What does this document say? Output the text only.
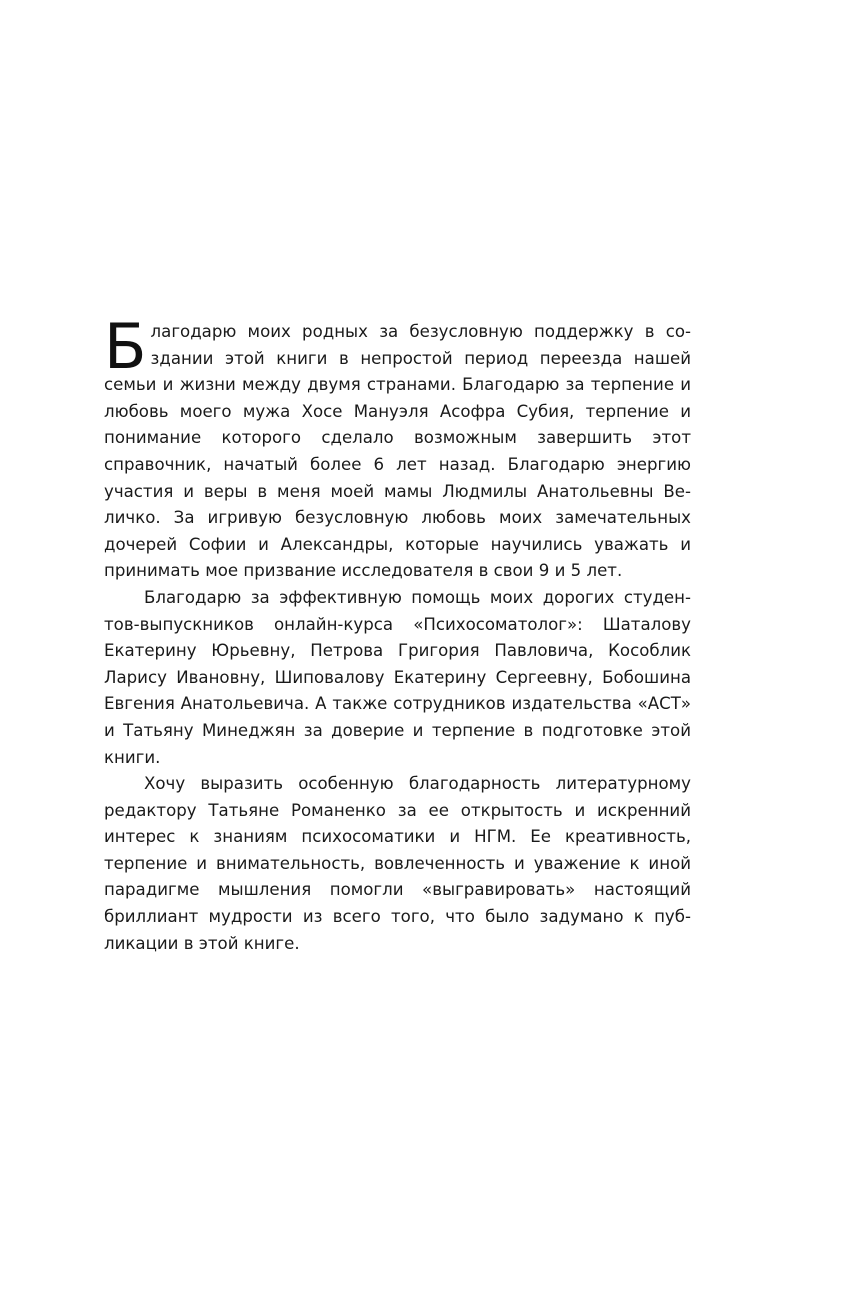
Благодарю моих родных за безусловную поддержку в создании этой книги в непростой период переезда нашей семьи и жизни между двумя странами. Благодарю за терпение и любовь моего мужа Хосе Мануэля Асофра Субия, терпение и понимание которого сделало возможным завершить этот справочник, начатый более 6 лет назад. Благодарю энергию участия и веры в меня моей мамы Людмилы Анатольевны Величко. За игривую безусловную любовь моих замечательных дочерей Софии и Александры, которые научились уважать и принимать мое призвание исследователя в свои 9 и 5 лет.

Благодарю за эффективную помощь моих дорогих студентов-выпускников онлайн-курса «Психосоматолог»: Шаталову Екатерину Юрьевну, Петрова Григория Павловича, Кособлик Ларису Ивановну, Шиповалову Екатерину Сергеевну, Бобошина Евгения Анатольевича. А также сотрудников издательства «АСТ» и Татьяну Минеджян за доверие и терпение в подготовке этой книги.

Хочу выразить особенную благодарность литературному редактору Татьяне Романенко за ее открытость и искренний интерес к знаниям психосоматики и НГМ. Ее креативность, терпение и внимательность, вовлеченность и уважение к иной парадигме мышления помогли «выгравировать» настоящий бриллиант мудрости из всего того, что было задумано к публикации в этой книге.
